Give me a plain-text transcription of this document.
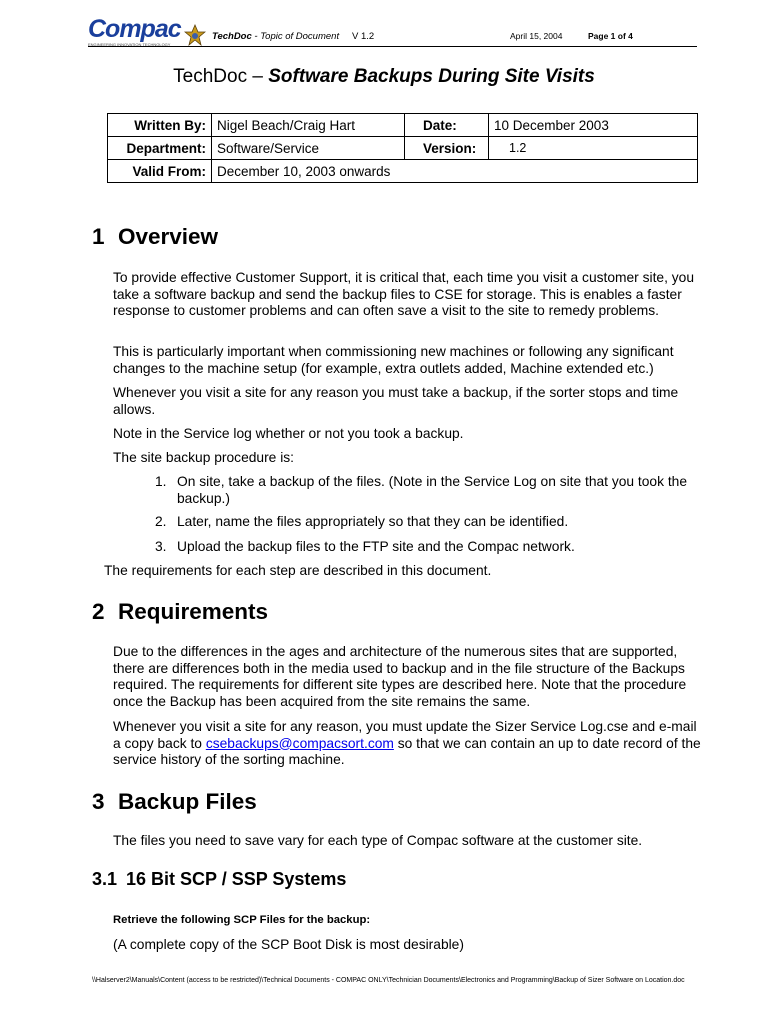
Compac
ENGINEERING INNOVATION TECHNOLOGY
TechDoc - Topic of Document V 1.2	April 15, 2004	Page 1 of 4
TechDoc – Software Backups During Site Visits
Written By:	Nigel Beach/Craig Hart	Date:	10 December 2003
Department:	Software/Service	Version:	1.2
Valid From:	December 10, 2003 onwards		
1 Overview
To provide effective Customer Support, it is critical that, each time you visit a customer site, you take a software backup and send the backup files to CSE for storage. This is enables a faster response to customer problems and can often save a visit to the site to remedy problems.
This is particularly important when commissioning new machines or following any significant changes to the machine setup (for example, extra outlets added, Machine extended etc.)
Whenever you visit a site for any reason you must take a backup, if the sorter stops and time allows.
Note in the Service log whether or not you took a backup.
The site backup procedure is:
1. On site, take a backup of the files. (Note in the Service Log on site that you took the backup.)
2. Later, name the files appropriately so that they can be identified.
3. Upload the backup files to the FTP site and the Compac network.
The requirements for each step are described in this document.
2 Requirements
Due to the differences in the ages and architecture of the numerous sites that are supported, there are differences both in the media used to backup and in the file structure of the Backups required. The requirements for different site types are described here. Note that the procedure once the Backup has been acquired from the site remains the same.
Whenever you visit a site for any reason, you must update the Sizer Service Log.cse and e-mail a copy back to csebackups@compacsort.com so that we can contain an up to date record of the service history of the sorting machine.
3 Backup Files
The files you need to save vary for each type of Compac software at the customer site.
3.1 16 Bit SCP / SSP Systems
Retrieve the following SCP Files for the backup:
(A complete copy of the SCP Boot Disk is most desirable)
\\Halserver2\Manuals\Content (access to be restricted)\Technical Documents - COMPAC ONLY\Technician Documents\Electronics and Programming\Backup of Sizer Software on Location.doc
